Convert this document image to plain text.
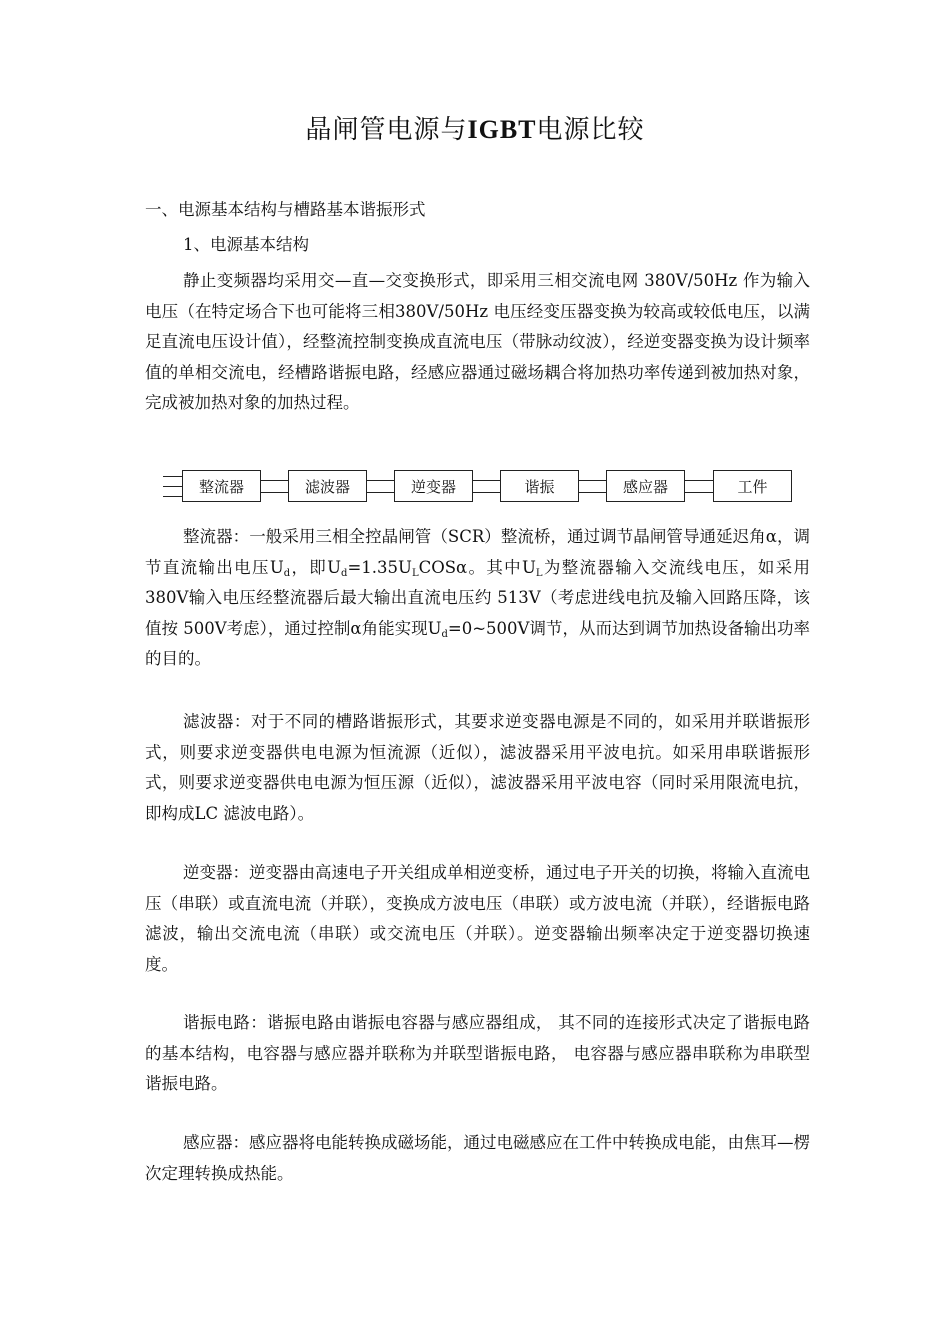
晶闸管电源与IGBT电源比较
一、电源基本结构与槽路基本谐振形式
1、电源基本结构

静止变频器均采用交—直—交变换形式，即采用三相交流电网 380V/50Hz 作为输入电压（在特定场合下也可能将三相380V/50Hz 电压经变压器变换为较高或较低电压，以满足直流电压设计值），经整流控制变换成直流电压（带脉动纹波），经逆变器变换为设计频率值的单相交流电，经槽路谐振电路，经感应器通过磁场耦合将加热功率传递到被加热对象，完成被加热对象的加热过程。

整流器	滤波器	逆变器	谐振	感应器	工件

整流器：一般采用三相全控晶闸管（SCR）整流桥，通过调节晶闸管导通延迟角α，调节直流输出电压$U_d$，即$U_d=1.35U_LCOS\alpha$。其中$U_L$为整流器输入交流线电压，如采用 380V输入电压经整流器后最大输出直流电压约 513V（考虑进线电抗及输入回路压降，该值按 500V考虑），通过控制α角能实现$U_d=0\sim 500V$调节，从而达到调节加热设备输出功率的目的。

滤波器：对于不同的槽路谐振形式，其要求逆变器电源是不同的，如采用并联谐振形式，则要求逆变器供电电源为恒流源（近似），滤波器采用平波电抗。如采用串联谐振形式，则要求逆变器供电电源为恒压源（近似），滤波器采用平波电容（同时采用限流电抗，即构成LC 滤波电路）。

逆变器：逆变器由高速电子开关组成单相逆变桥，通过电子开关的切换，将输入直流电压（串联）或直流电流（并联），变换成方波电压（串联）或方波电流（并联），经谐振电路滤波，输出交流电流（串联）或交流电压（并联）。逆变器输出频率决定于逆变器切换速度。

谐振电路：谐振电路由谐振电容器与感应器组成， 其不同的连接形式决定了谐振电路的基本结构，电容器与感应器并联称为并联型谐振电路， 电容器与感应器串联称为串联型谐振电路。

感应器：感应器将电能转换成磁场能，通过电磁感应在工件中转换成电能，由焦耳—楞次定理转换成热能。
